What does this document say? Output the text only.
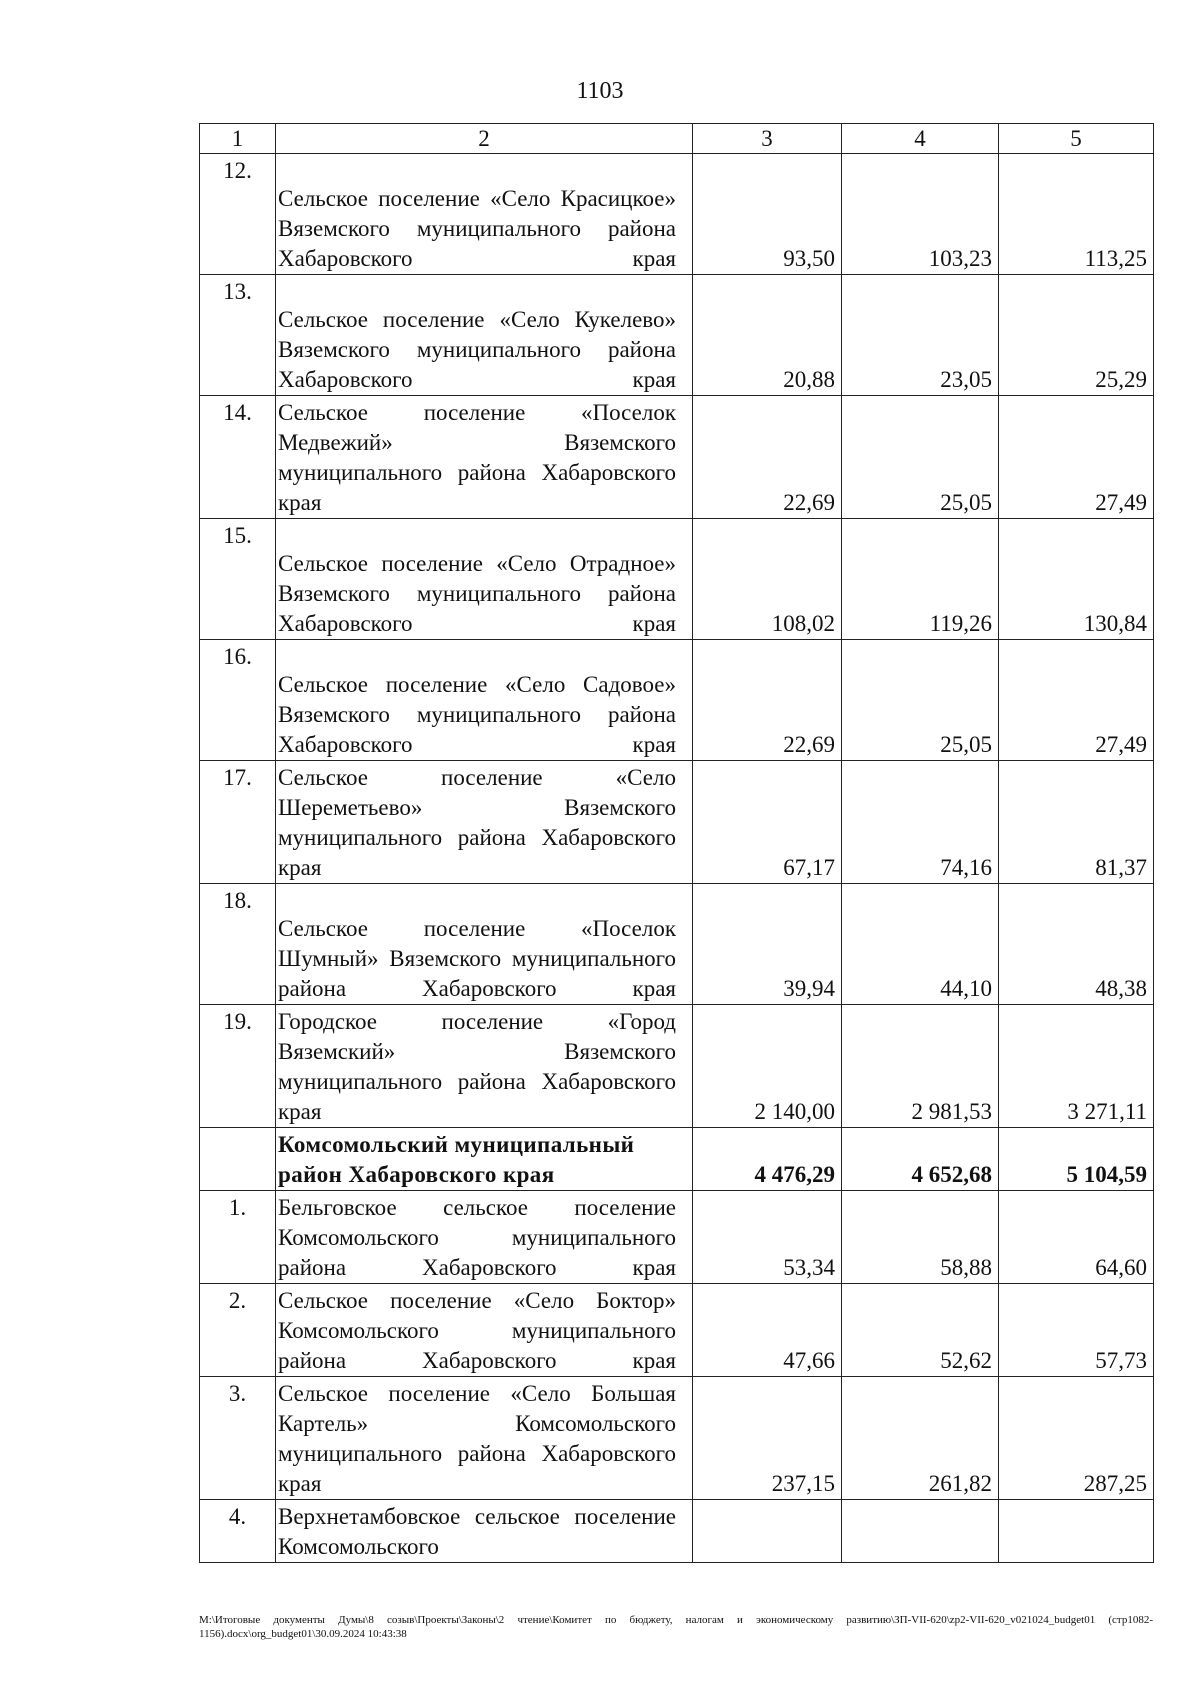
1103
1	2	3	4	5
12.	Сельское поселение «Село Красицкое» Вяземского муниципального района Хабаровского края	93,50	103,23	113,25
13.	Сельское поселение «Село Кукелево» Вяземского муниципального района Хабаровского края	20,88	23,05	25,29
14.	Сельское поселение «Поселок Медвежий» Вяземского муниципального района Хабаровского края	22,69	25,05	27,49
15.	Сельское поселение «Село Отрадное» Вяземского муниципального района Хабаровского края	108,02	119,26	130,84
16.	Сельское поселение «Село Садовое» Вяземского муниципального района Хабаровского края	22,69	25,05	27,49
17.	Сельское поселение «Село Шереметьево» Вяземского муниципального района Хабаровского края	67,17	74,16	81,37
18.	Сельское поселение «Поселок Шумный» Вяземского муниципального района Хабаровского края	39,94	44,10	48,38
19.	Городское поселение «Город Вяземский» Вяземского муниципального района Хабаровского края	2 140,00	2 981,53	3 271,11
	Комсомольский муниципальный район Хабаровского края	4 476,29	4 652,68	5 104,59
1.	Бельговское сельское поселение Комсомольского муниципального района Хабаровского края	53,34	58,88	64,60
2.	Сельское поселение «Село Боктор» Комсомольского муниципального района Хабаровского края	47,66	52,62	57,73
3.	Сельское поселение «Село Большая Картель» Комсомольского муниципального района Хабаровского края	237,15	261,82	287,25
4.	Верхнетамбовское сельское поселение Комсомольского			
M:\Итоговые документы Думы\8 созыв\Проекты\Законы\2 чтение\Комитет по бюджету, налогам и экономическому развитию\ЗП-VII-620\zp2-VII-620_v021024_budget01 (стр1082-1156).docx\org_budget01\30.09.2024 10:43:38
